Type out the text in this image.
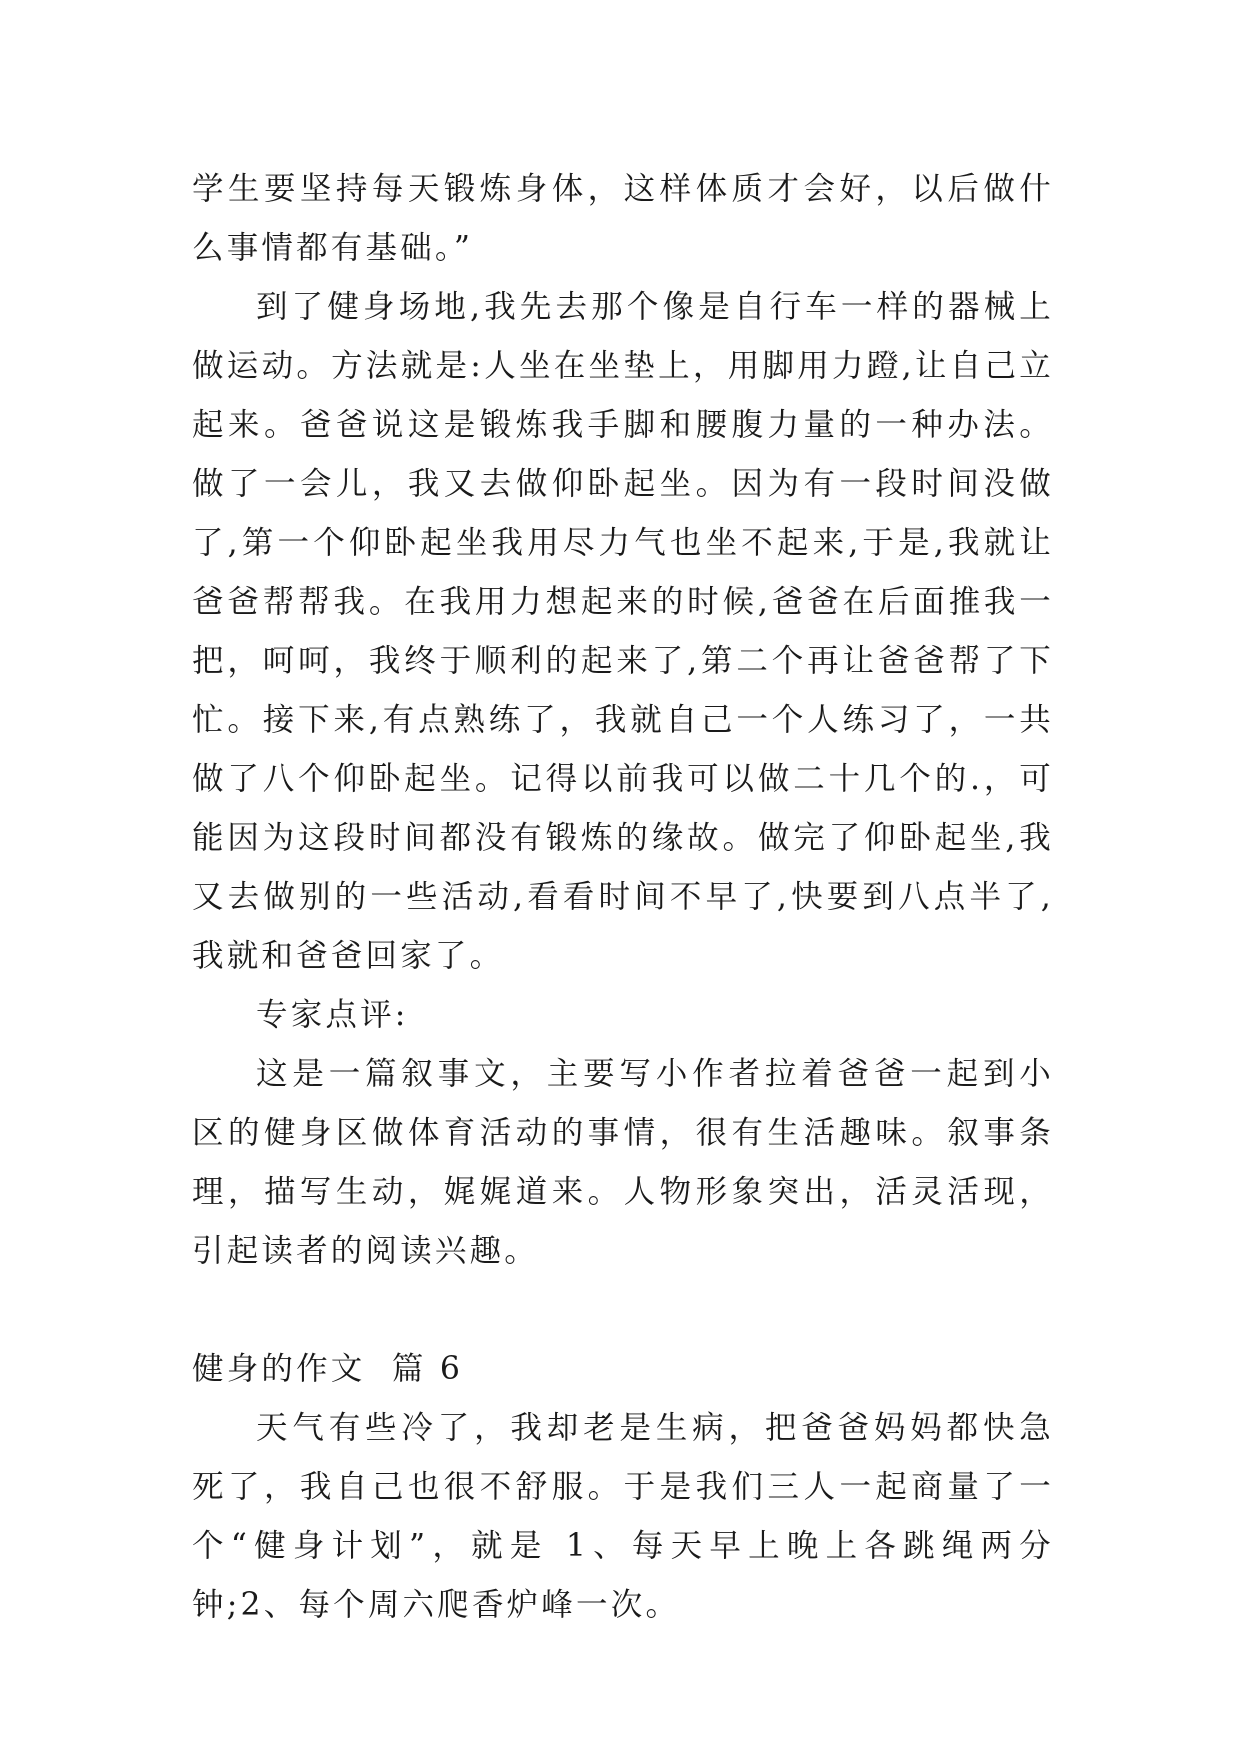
学生要坚持每天锻炼身体，这样体质才会好，以后做什么事情都有基础。”

到了健身场地,我先去那个像是自行车一样的器械上做运动。方法就是:人坐在坐垫上，用脚用力蹬,让自己立起来。爸爸说这是锻炼我手脚和腰腹力量的一种办法。做了一会儿，我又去做仰卧起坐。因为有一段时间没做了,第一个仰卧起坐我用尽力气也坐不起来,于是,我就让爸爸帮帮我。在我用力想起来的时候,爸爸在后面推我一把，呵呵，我终于顺利的起来了,第二个再让爸爸帮了下忙。接下来,有点熟练了，我就自己一个人练习了，一共做了八个仰卧起坐。记得以前我可以做二十几个的.，可能因为这段时间都没有锻炼的缘故。做完了仰卧起坐,我又去做别的一些活动,看看时间不早了,快要到八点半了,我就和爸爸回家了。

专家点评:

这是一篇叙事文，主要写小作者拉着爸爸一起到小区的健身区做体育活动的事情，很有生活趣味。叙事条理，描写生动，娓娓道来。人物形象突出，活灵活现，引起读者的阅读兴趣。

健身的作文  篇 6

天气有些冷了，我却老是生病，把爸爸妈妈都快急死了，我自己也很不舒服。于是我们三人一起商量了一个“健身计划”，就是 1、每天早上晚上各跳绳两分钟;2、每个周六爬香炉峰一次。
